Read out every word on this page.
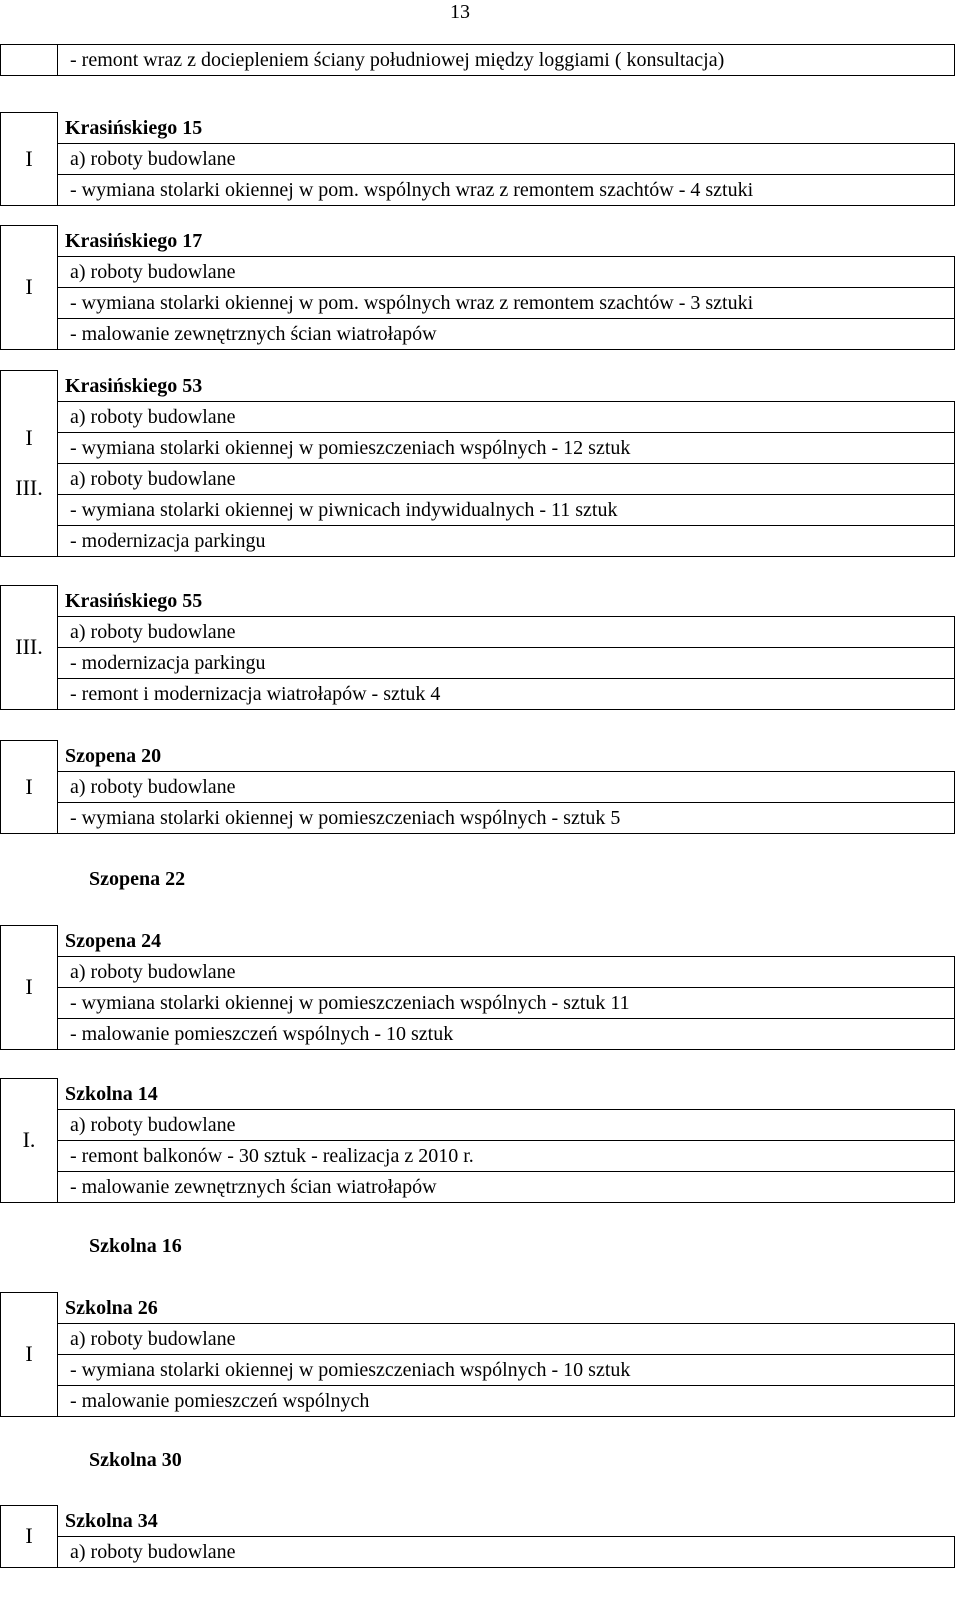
13
	- remont wraz z dociepleniem ściany południowej między loggiami ( konsultacja)
I	Krasińskiego 15
a) roboty budowlane
- wymiana stolarki okiennej w pom. wspólnych wraz z remontem szachtów - 4 sztuki
I	Krasińskiego 17
a) roboty budowlane
- wymiana stolarki okiennej w pom. wspólnych wraz z remontem szachtów - 3 sztuki
- malowanie zewnętrznych ścian wiatrołapów
I
III.
	Krasińskiego 53
a) roboty budowlane
- wymiana stolarki okiennej w pomieszczeniach wspólnych - 12 sztuk
a) roboty budowlane
- wymiana stolarki okiennej w piwnicach indywidualnych - 11 sztuk
- modernizacja parkingu
III.	Krasińskiego 55
a) roboty budowlane
- modernizacja parkingu
- remont i modernizacja wiatrołapów - sztuk 4
I	Szopena 20
a) roboty budowlane
- wymiana stolarki okiennej w pomieszczeniach wspólnych - sztuk 5
I	Szopena 24
a) roboty budowlane
- wymiana stolarki okiennej w pomieszczeniach wspólnych - sztuk 11
- malowanie pomieszczeń wspólnych - 10 sztuk
I.	Szkolna 14
a) roboty budowlane
- remont balkonów - 30 sztuk - realizacja z 2010 r.
- malowanie zewnętrznych ścian wiatrołapów
I	Szkolna 26
a) roboty budowlane
- wymiana stolarki okiennej w pomieszczeniach wspólnych - 10 sztuk
- malowanie pomieszczeń wspólnych
I	Szkolna 34
a) roboty budowlane
Szopena 22
Szkolna 16
Szkolna 30
